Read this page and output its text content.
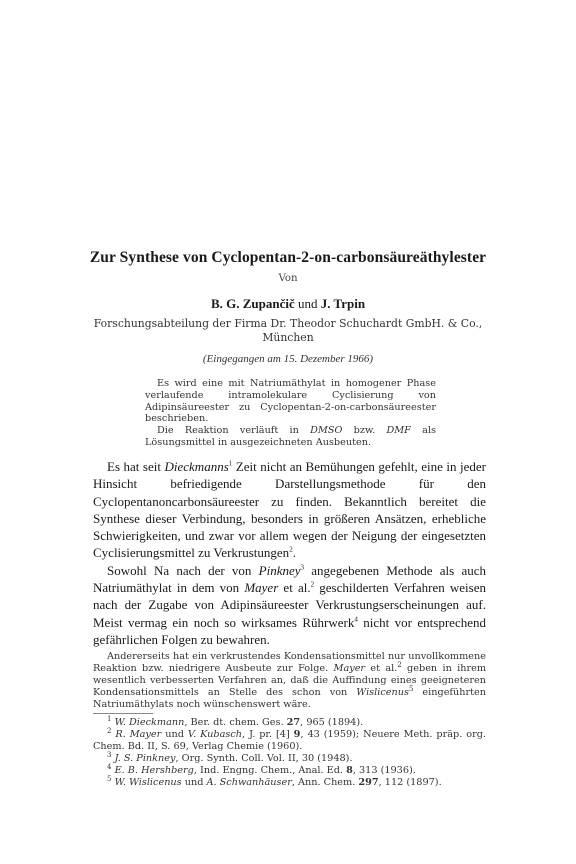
Zur Synthese von Cyclopentan-2-on-carbonsäureäthylester
Von
B. G. Zupančič und J. Trpin
Forschungsabteilung der Firma Dr. Theodor Schuchardt GmbH. & Co.,
München
(Eingegangen am 15. Dezember 1966)

Es wird eine mit Natriumäthylat in homogener Phase verlaufende intramolekulare Cyclisierung von Adipinsäureester zu Cyclopentan-2-on-carbonsäureester beschrieben.

Die Reaktion verläuft in DMSO bzw. DMF als Lösungsmittel in ausgezeichneten Ausbeuten.

Es hat seit Dieckmanns$^1$ Zeit nicht an Bemühungen gefehlt, eine in jeder Hinsicht befriedigende Darstellungsmethode für den Cyclopentanoncarbonsäureester zu finden. Bekanntlich bereitet die Synthese dieser Verbindung, besonders in größeren Ansätzen, erhebliche Schwierigkeiten, und zwar vor allem wegen der Neigung der eingesetzten Cyclisierungsmittel zu Verkrustungen$^2$.

Sowohl Na nach der von Pinkney$^3$ angegebenen Methode als auch Natriumäthylat in dem von Mayer et al.$^2$ geschilderten Verfahren weisen nach der Zugabe von Adipinsäureester Verkrustungserscheinungen auf. Meist vermag ein noch so wirksames Rührwerk$^4$ nicht vor entsprechend gefährlichen Folgen zu bewahren.

Andererseits hat ein verkrustendes Kondensationsmittel nur unvollkommene Reaktion bzw. niedrigere Ausbeute zur Folge. Mayer et al.$^2$ geben in ihrem wesentlich verbesserten Verfahren an, daß die Auffindung eines geeigneteren Kondensationsmittels an Stelle des schon von Wislicenus$^5$ eingeführten Natriumäthylats noch wünschenswert wäre.

$^1$ W. Dieckmann, Ber. dt. chem. Ges. 27, 965 (1894).
$^2$ R. Mayer und V. Kubasch, J. pr. [4] 9, 43 (1959); Neuere Meth. präp. org. Chem. Bd. II, S. 69, Verlag Chemie (1960).
$^3$ J. S. Pinkney, Org. Synth. Coll. Vol. II, 30 (1948).
$^4$ E. B. Hershberg, Ind. Engng. Chem., Anal. Ed. 8, 313 (1936).
$^5$ W. Wislicenus und A. Schwanhäuser, Ann. Chem. 297, 112 (1897).
